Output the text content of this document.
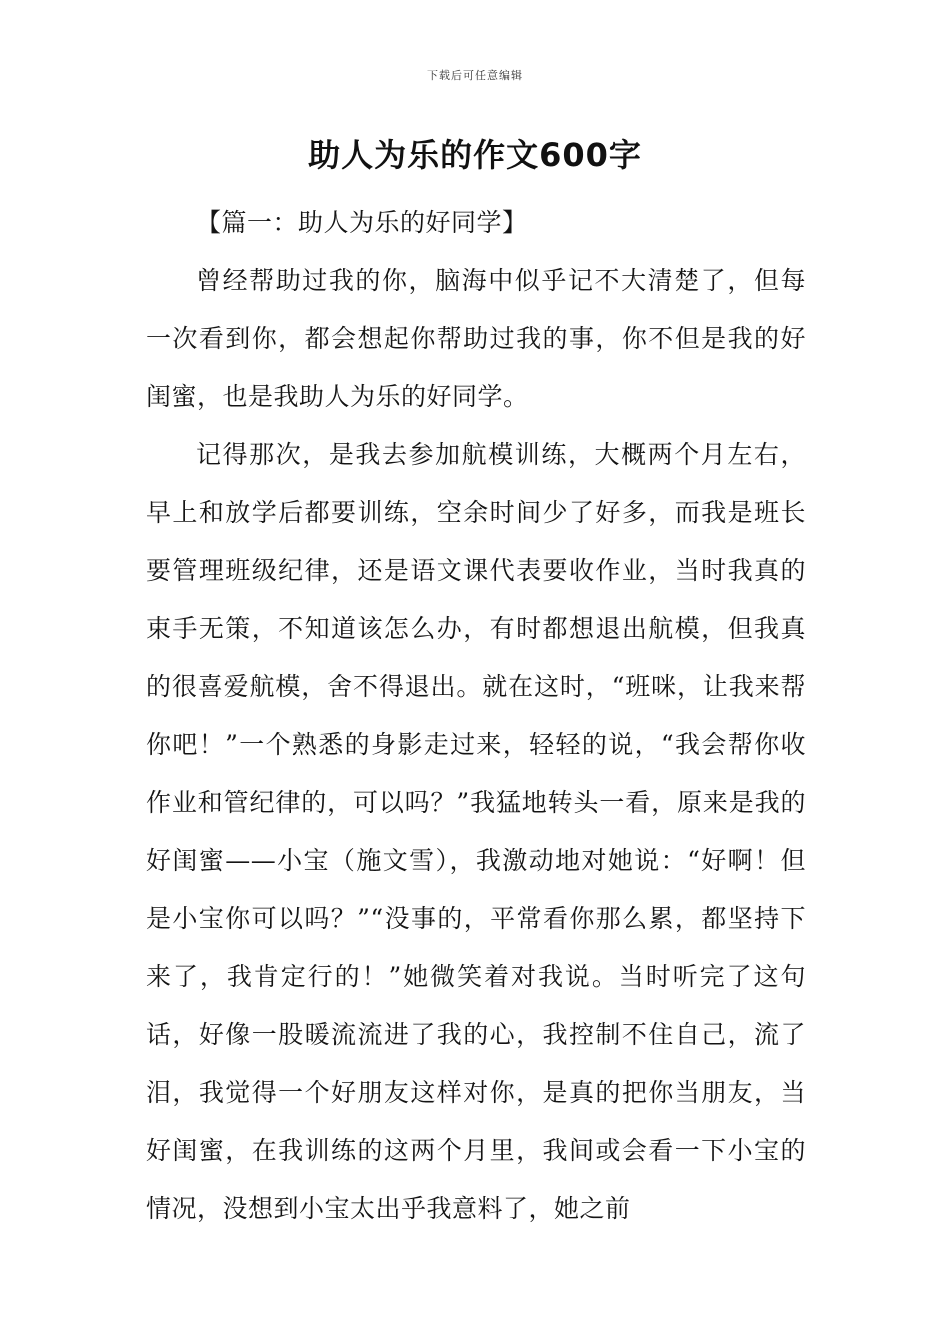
下载后可任意编辑
助人为乐的作文600字

【篇一：助人为乐的好同学】

曾经帮助过我的你，脑海中似乎记不大清楚了，但每一次看到你，都会想起你帮助过我的事，你不但是我的好闺蜜，也是我助人为乐的好同学。

记得那次，是我去参加航模训练，大概两个月左右，早上和放学后都要训练，空余时间少了好多，而我是班长要管理班级纪律，还是语文课代表要收作业，当时我真的束手无策，不知道该怎么办，有时都想退出航模，但我真的很喜爱航模，舍不得退出。就在这时，“班咪，让我来帮你吧！”一个熟悉的身影走过来，轻轻的说，“我会帮你收作业和管纪律的，可以吗？”我猛地转头一看，原来是我的好闺蜜——小宝（施文雪），我激动地对她说：“好啊！但是小宝你可以吗？”“没事的，平常看你那么累，都坚持下来了，我肯定行的！”她微笑着对我说。当时听完了这句话，好像一股暖流流进了我的心，我控制不住自己，流了泪，我觉得一个好朋友这样对你，是真的把你当朋友，当好闺蜜，在我训练的这两个月里，我间或会看一下小宝的情况，没想到小宝太出乎我意料了，她之前
